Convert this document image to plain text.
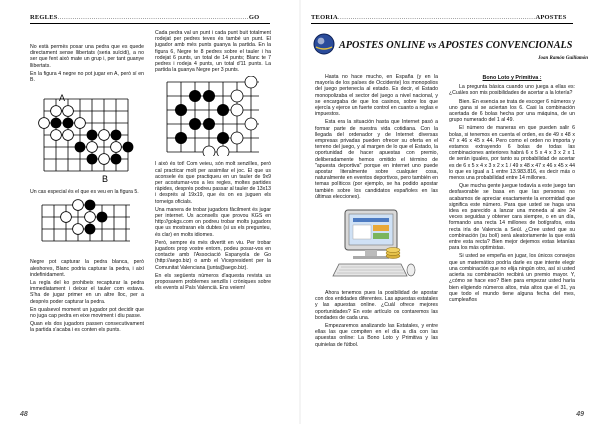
REGLES..........................................................................................GO

No està permès posar una pedra que es quede directament sense llibertats (seria suïcidi), a no ser que fent això mate un grup i, per tant guanye llibertats.

En la figura 4 negre no pot jugar en A, però sí en B.

A
B

Un cas especial és el que es veu en la figura 5.

Negre pot capturar la pedra blanca, però aleshores, Blanc podria capturar la pedra, i així indefinidament.

La regla del ko prohibeix recapturar la pedra immediatament i deixar el tauler com estava. S'ha de jugar primer en un altre lloc, per a després poder capturar la pedra.

En qualsevol moment un jugador pot decidir que no juga cap pedra en eixe moviment i diu passe.

Quan els dos jugadors passen consecutivament la partida s'acaba i es conten els punts.

Cada pedra val un punt i cada punt buit totalment rodejat per pedres teves és també un punt. El jugador amb més punts guanya la partida. En la figura 6, Negre te 8 pedres sobre el tauler i ha rodejat 6 punts, un total de 14 punts; Blanc te 7 pedres i rodeja 4 punts, un total d'11 punts. La partida la guanya Negre per 3 punts.

I això és tot! Com veieu, són molt senzilles, però cal practicar molt per assimilar el joc. El que us aconsele és que practiqueu en un tauler de 9x9 per acostumar-vos a les regles, moltes partides ràpides, després podreu passar al tauler de 13x13 i després al 19x19, que és on es juguen els torneigs oficials.

Una manera de trobar jugadors fàcilment és jugar per internet. Us aconsells que provou KGS en http://gokgs.com on podreu trobar molts jugadors que us mostraran els dubtes (si us els pregunteu, és clar) en molts idiomes.

Però, sempre és més divertit en viu. Per trobar jugadors prop vostre entorn, podeu posar-vos en contacte amb l'Associació Espanyola de Go (http://aego.biz) o amb el Vicepresident per la Comunitat Valenciana (junta@aego.biz).

En els següents números d'aquesta revista us proposarem problemes senzills i cròniques sobre els events al País Valencià. Ens veiem!

48
TEORIA.............................................................................................APOSTES
APOSTES ONLINE vs APOSTES CONVENCIONALS
Joan Ramón Guillamón

Hasta no hace mucho, en España (y en la mayoría de los países de Occidente) los monopolios del juego pertenecía al estado. Es decir, el Estado monopolizaba el sector del juego a nivel nacional, y se encargaba de que los casinos, sobre los que ejercía y ejerce un fuerte control en cuanto a reglas e impuestos.

Esta era la situación hasta que Internet pasó a formar parte de nuestra vida cotidiana. Con la llegada del ordenador y de Internet diversas empresas privadas pueden ofrecer su oferta en el terreno del juego, y al margen de lo que el Estado, la oportunidad de hacer apuestas con premio, deliberadamente hemos omitido el término de "apuesta deportiva" porque en internet uno puede apostar literalmente sobre cualquier cosa, naturalmente en eventos deportivos, pero también en temas políticos (por ejemplo, se ha podido apostar también sobre los candidatos españoles en las últimas elecciones).

Ahora tenemos pues la posibilidad de apostar con dos entidades diferentes. Las apuestas estatales y las apuestas online. ¿Cuál ofrece mejores oportunidades? En este artículo os contaremos las bondades de cada una.

Empezaremos analizando las Estatales, y entre ellas las que compiten en el día a día con las apuestas online: La Bono Loto y Primitiva y las quinielas de fútbol.

Bono Loto y Primitiva :

La pregunta básica cuando uno juega a ellas es: ¿Cuáles son mis posibilidades de acertar a la lotería?

Bien. En esencia se trata de escoger 6 números y uno gana si se aciertan los 6. Casi la combinación acertada de 6 bolas hecha por una máquina, de un grupo numerado del 1 al 49.

El número de maneras en que pueden salir 6 bolas, si tenemos en cuenta el orden, es de 49 x 48 x 47 x 46 x 45 x 44. Pero como el orden no importa y estamos extrayendo 6 bolas de todas las combinaciones anteriores habrá 6 x 5 x 4 x 3 x 2 x 1 de serán iguales, por tanto su probabilidad de acertar es de 6 x 5 x 4 x 3 x 2 x 1 / 49 x 48 x 47 x 46 x 45 x 44 lo que es igual a 1 entre 13.983.816, es decir más o menos una probabilidad entre 14 millones.

Que mucha gente juegue todavía a este juego tan desfavorable se basa en que las personas no acabamos de apreciar exactamente la enormidad que significa este número. Para que usted se haga una idea es parecido a lanzar una moneda al aire 24 veces seguidas y obtener cara siempre, o en un día, formando una recta 14 millones de botígrafos, esta recta iría de Valencia a Seúl. ¿Cree usted que su combinación (su bolí) será aleatoriamente la que está entre esta recta? Bien mejor dejemos estas letanías para los más optimistas.

Si usted se empeña en jugar, los únicos consejos que un matemático podría darle es que intente elegir una combinación que no elija ningún otro, así si usted acierta su combinación recibirá un premio mayor. Y, ¿cómo se hace eso? Bien para empezar usted haría bien eligiendo números altos, más altos que el 31, ya que todo el mundo tiene alguna fecha del mes, cumpleaños

49
